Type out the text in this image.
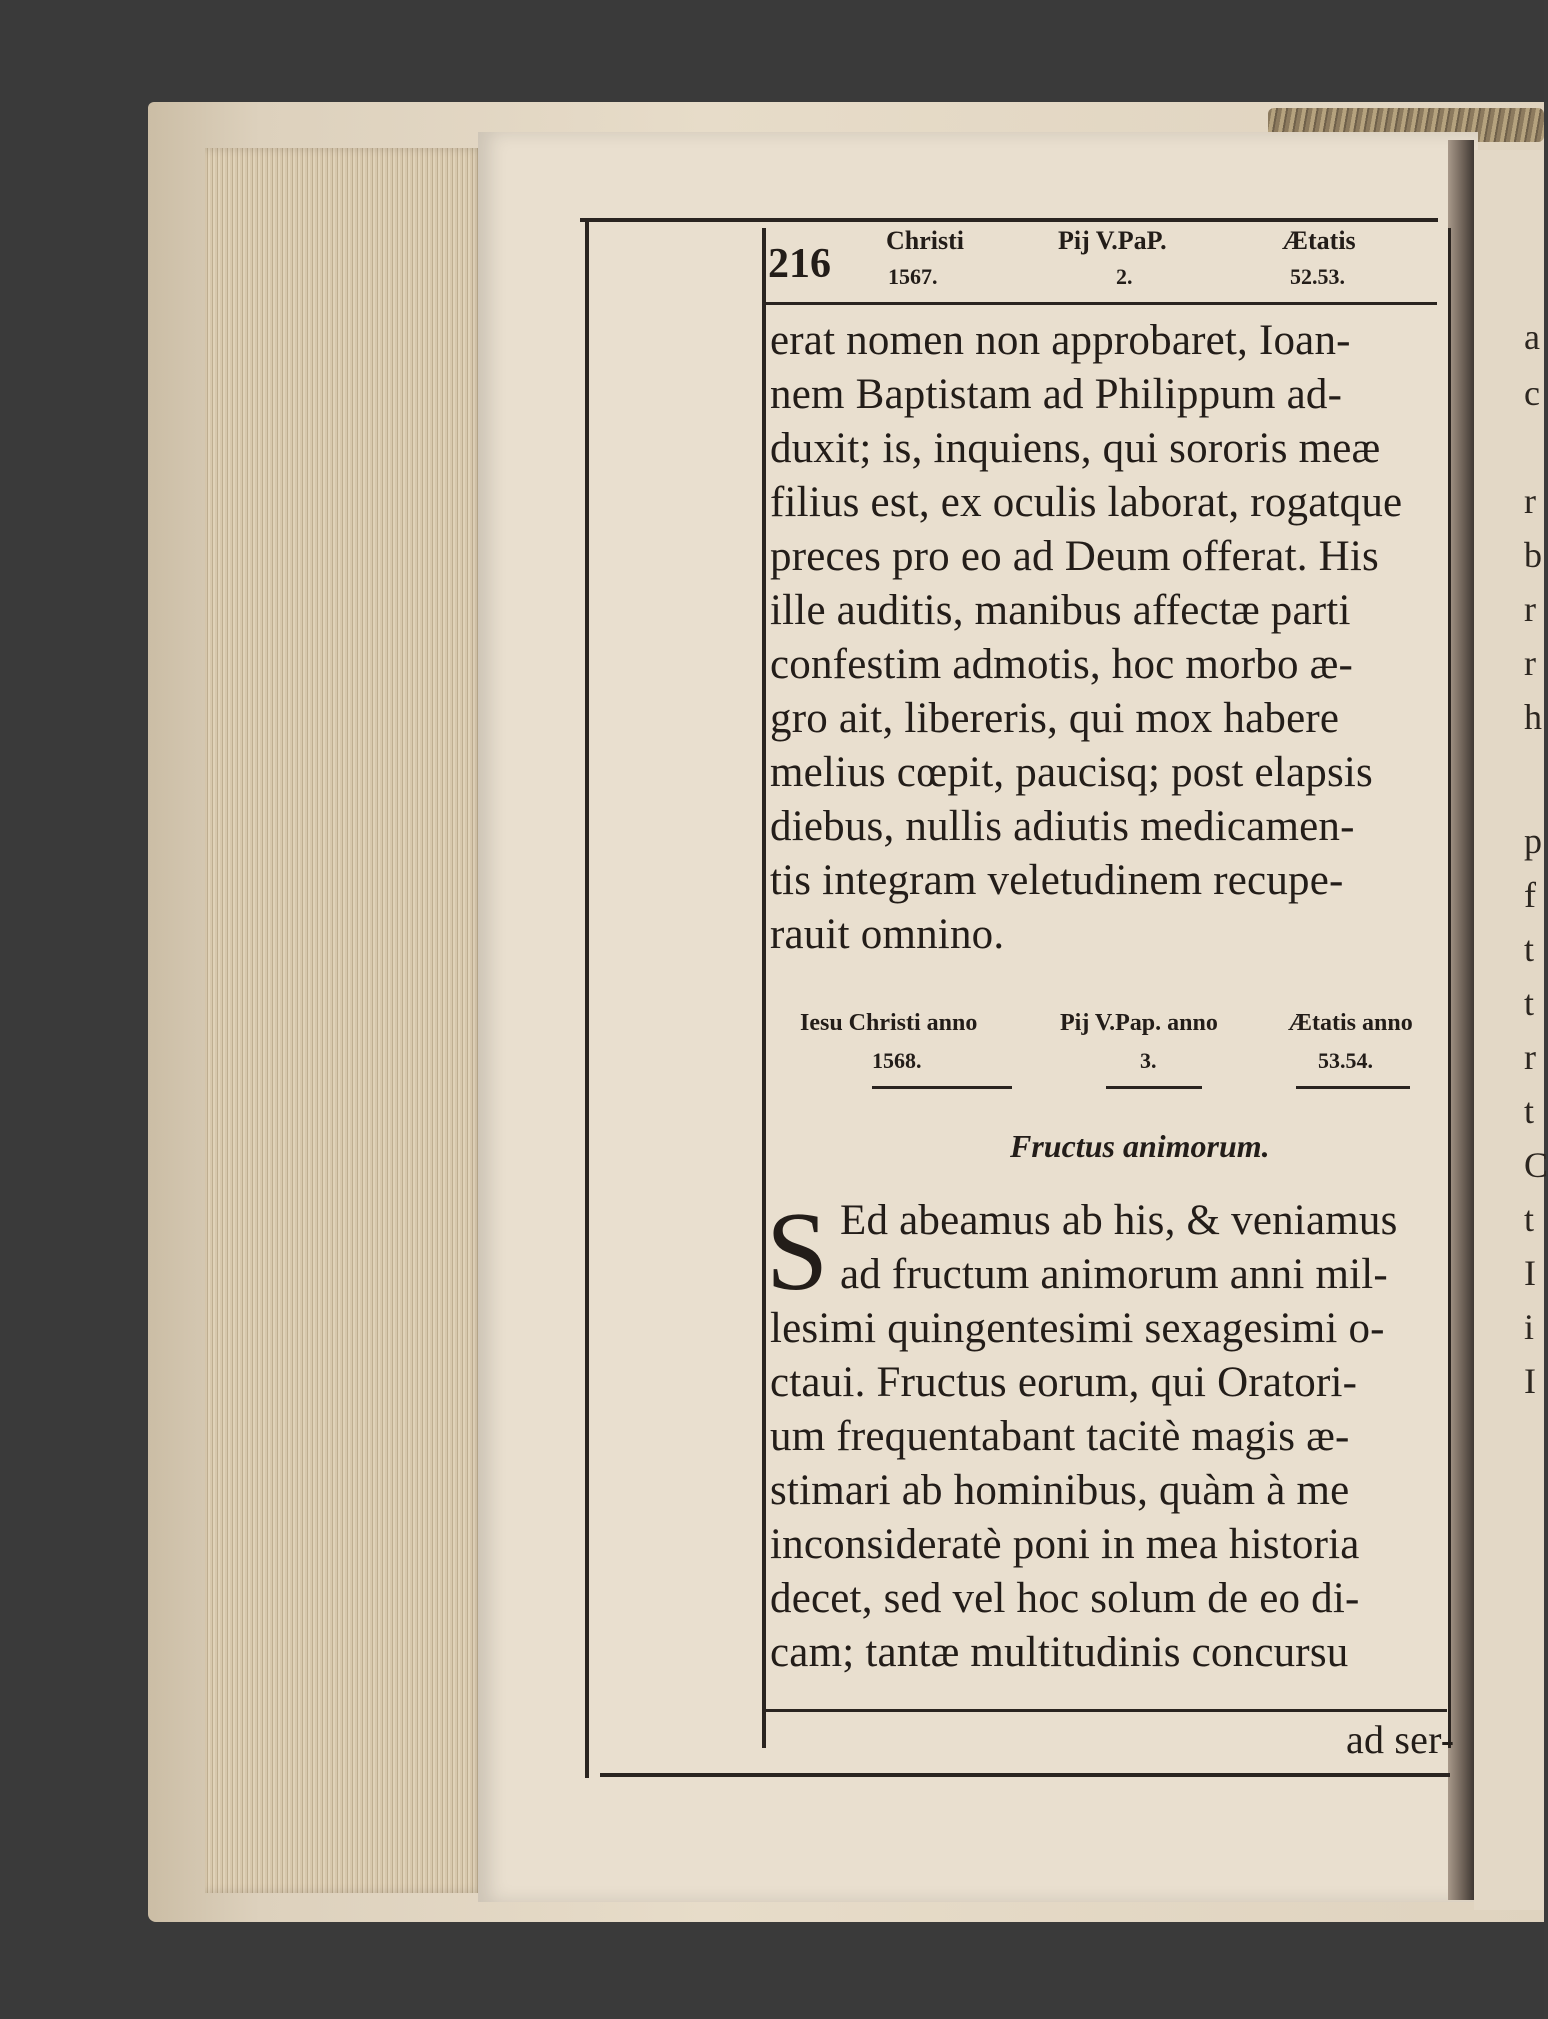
216
Christi
1567.
Pij V.PaP.
2.
Ætatis
52.53.
erat nomen non approbaret, Ioan-
nem Baptistam ad Philippum ad-
duxit; is, inquiens, qui sororis meæ
filius est, ex oculis laborat, rogatque
preces pro eo ad Deum offerat. His
ille auditis, manibus affectæ parti
confestim admotis, hoc morbo æ-
gro ait, libereris, qui mox habere
melius cœpit, paucisq; post elapsis
diebus, nullis adiutis medicamen-
tis integram veletudinem recupe-
rauit omnino.
Iesu Christi anno
1568.
Pij V.Pap. anno
3.
Ætatis anno
53.54.
Fructus animorum.
S Ed abeamus ab his, & veniamus
ad fructum animorum anni mil-
lesimi quingentesimi sexagesimi o-
ctaui. Fructus eorum, qui Oratori-
um frequentabant tacitè magis æ-
stimari ab hominibus, quàm à me
inconsideratè poni in mea historia
decet, sed vel hoc solum de eo di-
cam; tantæ multitudinis concursu
ad ser-
a
c
r
b
r
r
h
p
f
t
t
r
t
C
t
I
i
I
